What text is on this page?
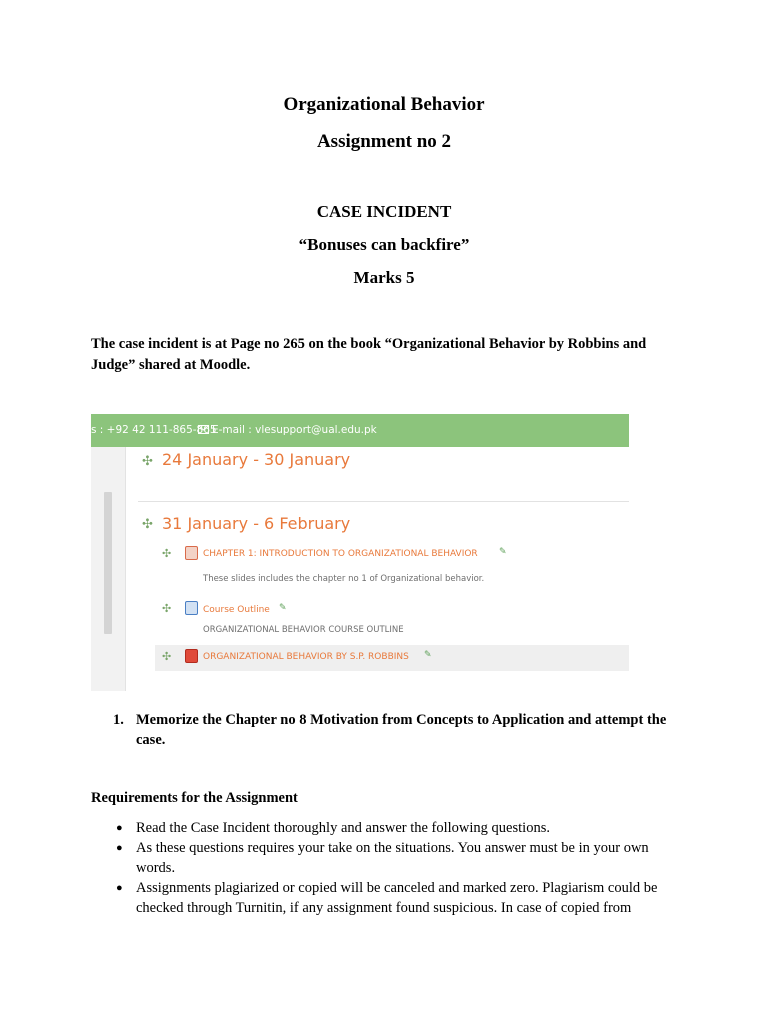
Organizational Behavior
Assignment no 2
CASE INCIDENT
“Bonuses can backfire”
Marks 5
The case incident is at Page no 265 on the book “Organizational Behavior by Robbins and Judge” shared at Moodle.
s : +92 42 111-865-865
E-mail : vlesupport@ual.edu.pk
✣ 24 January - 30 January
✣ 31 January - 6 February
✣	CHAPTER 1: INTRODUCTION TO ORGANIZATIONAL BEHAVIOR ✎
These slides includes the chapter no 1 of Organizational behavior.
✣	Course Outline ✎
ORGANIZATIONAL BEHAVIOR COURSE OUTLINE
✣	ORGANIZATIONAL BEHAVIOR BY S.P. ROBBINS ✎
1. Memorize the Chapter no 8 Motivation from Concepts to Application and attempt the case.
Requirements for the Assignment
● Read the Case Incident thoroughly and answer the following questions.
● As these questions requires your take on the situations. You answer must be in your own words.
● Assignments plagiarized or copied will be canceled and marked zero. Plagiarism could be checked through Turnitin, if any assignment found suspicious. In case of copied from
